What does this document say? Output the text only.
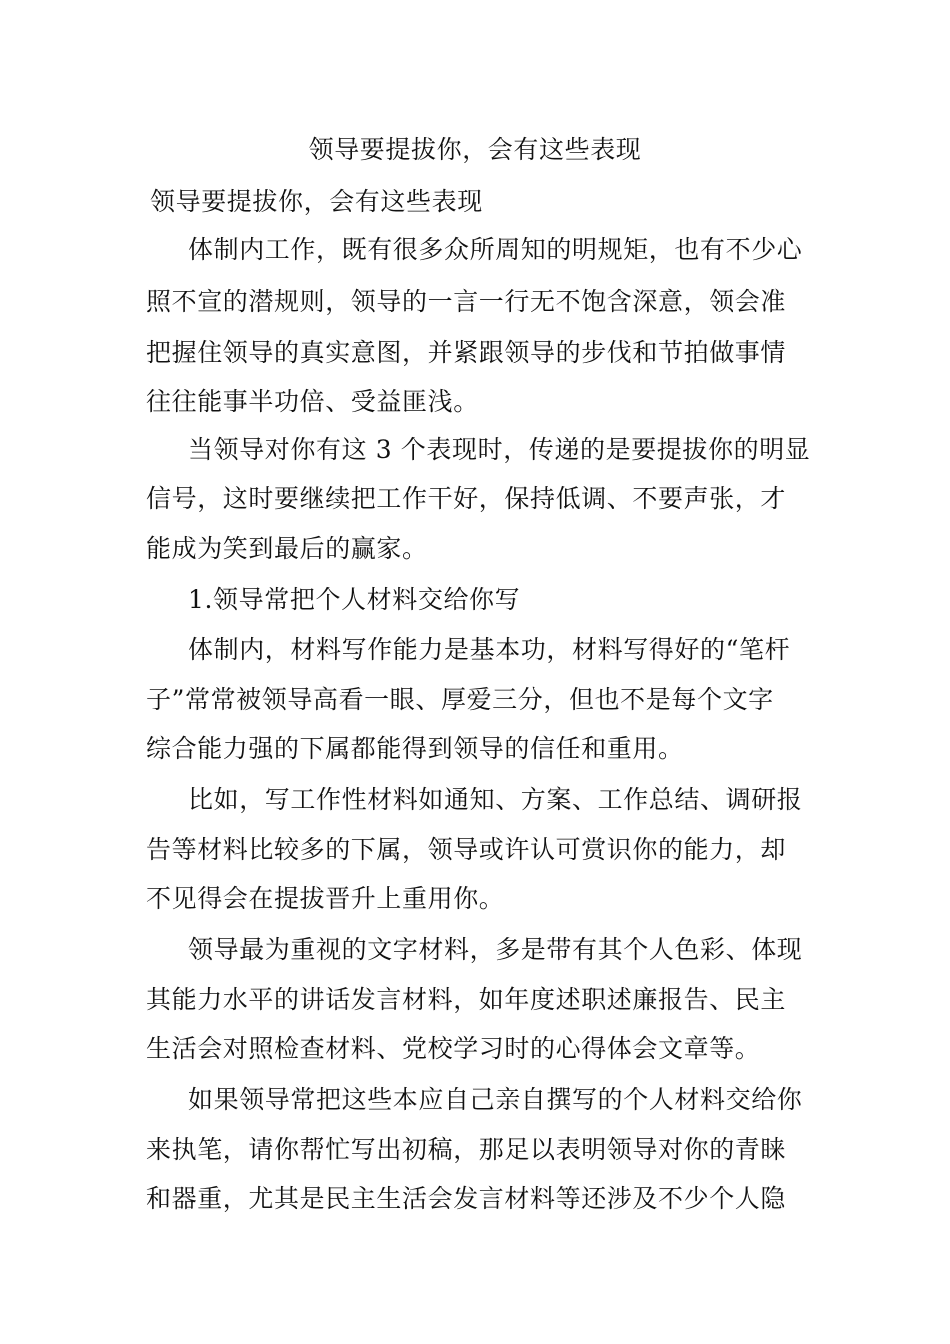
领导要提拔你，会有这些表现
领导要提拔你，会有这些表现
体制内工作，既有很多众所周知的明规矩，也有不少心
照不宣的潜规则，领导的一言一行无不饱含深意，领会准
把握住领导的真实意图，并紧跟领导的步伐和节拍做事情
往往能事半功倍、受益匪浅。
当领导对你有这 3 个表现时，传递的是要提拔你的明显
信号，这时要继续把工作干好，保持低调、不要声张，才
能成为笑到最后的赢家。
1.领导常把个人材料交给你写
体制内，材料写作能力是基本功，材料写得好的“笔杆
子”常常被领导高看一眼、厚爱三分，但也不是每个文字
综合能力强的下属都能得到领导的信任和重用。
比如，写工作性材料如通知、方案、工作总结、调研报
告等材料比较多的下属，领导或许认可赏识你的能力，却
不见得会在提拔晋升上重用你。
领导最为重视的文字材料，多是带有其个人色彩、体现
其能力水平的讲话发言材料，如年度述职述廉报告、民主
生活会对照检查材料、党校学习时的心得体会文章等。
如果领导常把这些本应自己亲自撰写的个人材料交给你
来执笔，请你帮忙写出初稿，那足以表明领导对你的青睐
和器重，尤其是民主生活会发言材料等还涉及不少个人隐
